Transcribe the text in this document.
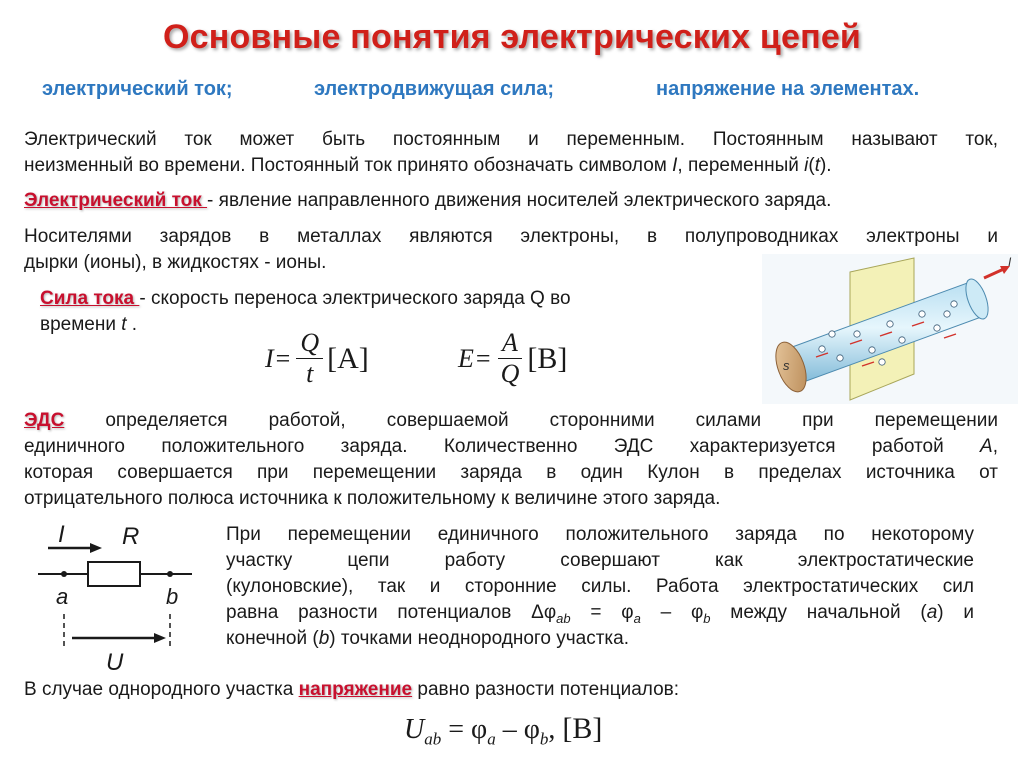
Основные понятия электрических цепей
электрический ток;	электродвижущая сила;	напряжение на элементах.
Электрический ток может быть постоянным и переменным. Постоянным называют ток,
неизменный во времени. Постоянный ток принято обозначать символом I, переменный i(t).
Электрический ток - явление направленного движения носителей электрического заряда.
Носителями зарядов в металлах являются электроны, в полупроводниках электроны и
дырки (ионы), в жидкостях - ионы.
Сила тока - скорость переноса электрического заряда Q во
времени t .
$I = \frac{Q}{t} [A]$	$E = \frac{A}{Q} [B]$	s
I
ЭДС определяется работой, совершаемой сторонними силами при перемещении
единичного положительного заряда. Количественно ЭДС характеризуется работой A,
которая совершается при перемещении заряда в один Кулон в пределах источника от
отрицательного полюса источника к положительному к величине этого заряда.
I R
a	b
U
При перемещении единичного положительного заряда по некоторому
участку цепи работу совершают как электростатические
(кулоновские), так и сторонние силы. Работа электростатических сил
равна разности потенциалов $\Delta\varphi_{ab} = \varphi_a - \varphi_b$ между начальной (a) и
конечной (b) точками неоднородного участка.
В случае однородного участка напряжение равно разности потенциалов:
$U_{ab} = \varphi_a - \varphi_b$, [B]
